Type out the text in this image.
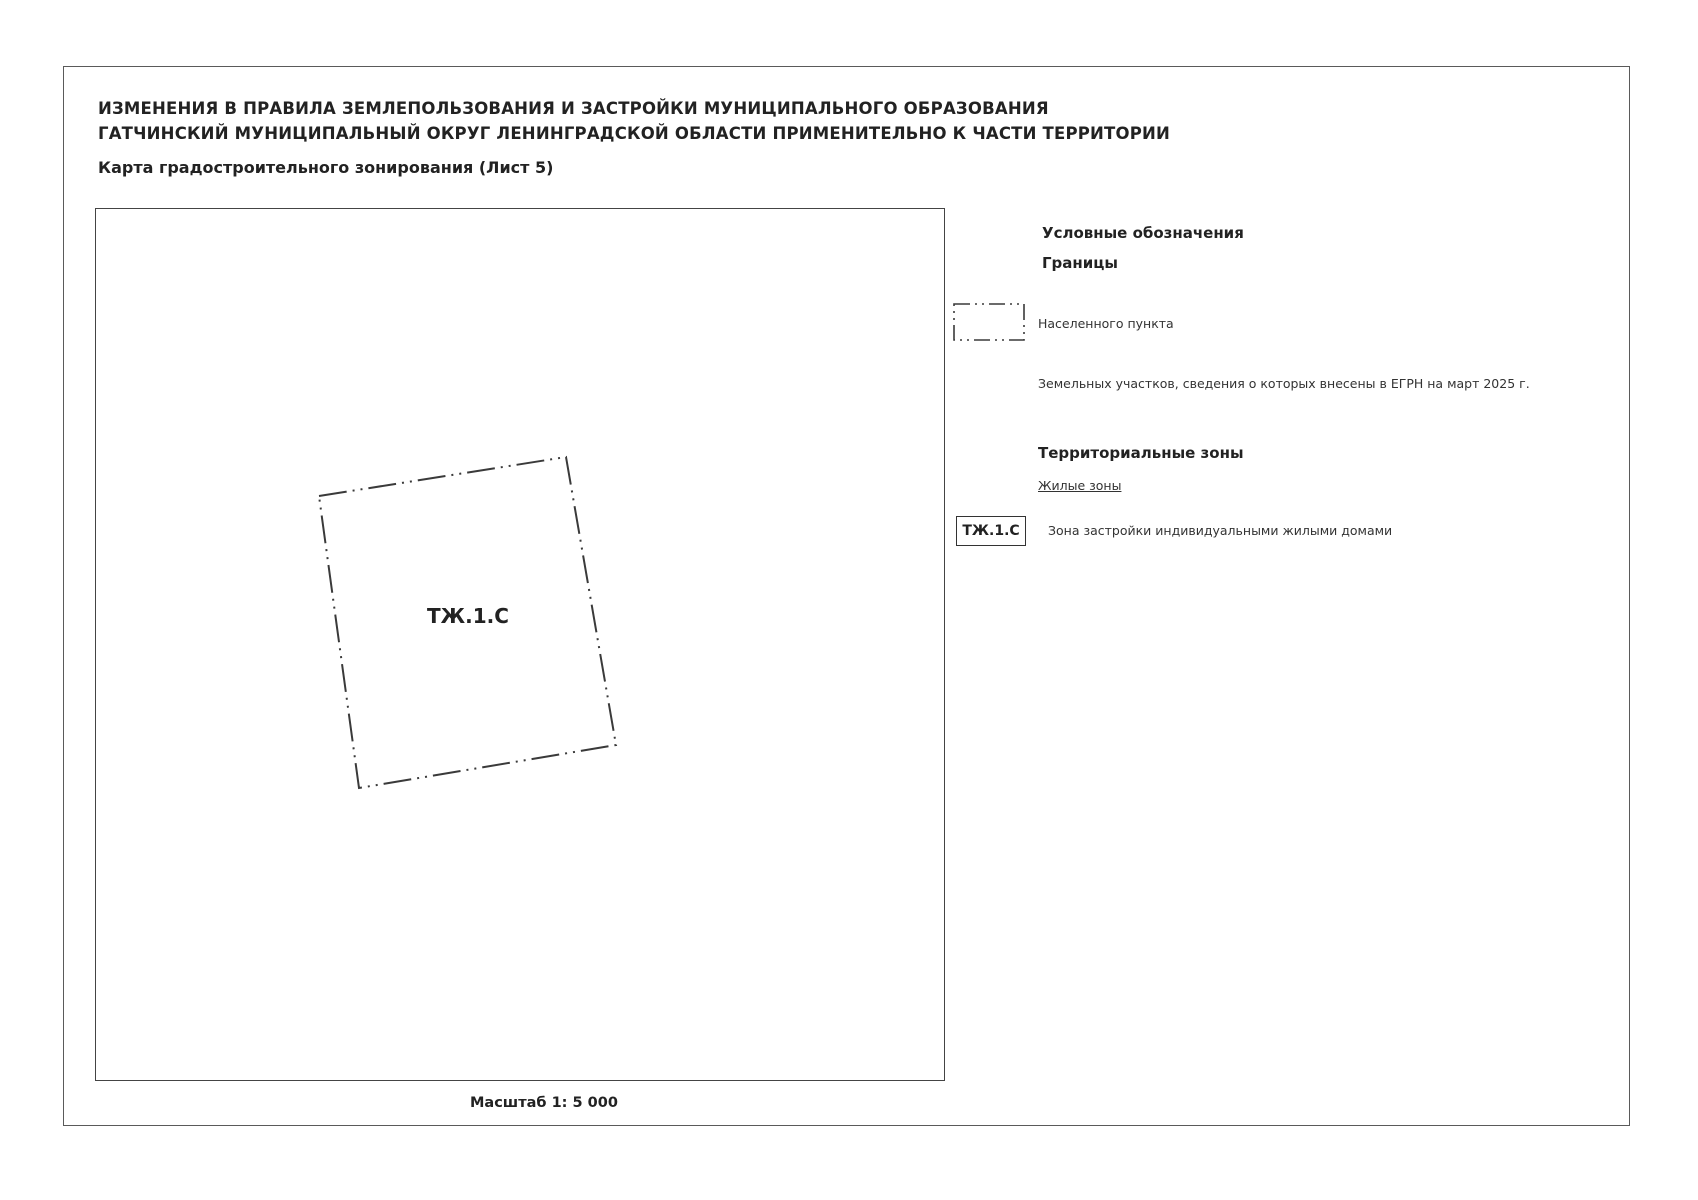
ИЗМЕНЕНИЯ В ПРАВИЛА ЗЕМЛЕПОЛЬЗОВАНИЯ И ЗАСТРОЙКИ МУНИЦИПАЛЬНОГО ОБРАЗОВАНИЯ
ГАТЧИНСКИЙ МУНИЦИПАЛЬНЫЙ ОКРУГ ЛЕНИНГРАДСКОЙ ОБЛАСТИ ПРИМЕНИТЕЛЬНО К ЧАСТИ ТЕРРИТОРИИ
Карта градостроительного зонирования (Лист 5)
ТЖ.1.С
Масштаб 1: 5 000
Условные обозначения
Границы
Населенного пункта
Земельных участков, сведения о которых внесены в ЕГРН на март 2025 г.
Территориальные зоны
Жилые зоны
ТЖ.1.С	Зона застройки индивидуальными жилыми домами
